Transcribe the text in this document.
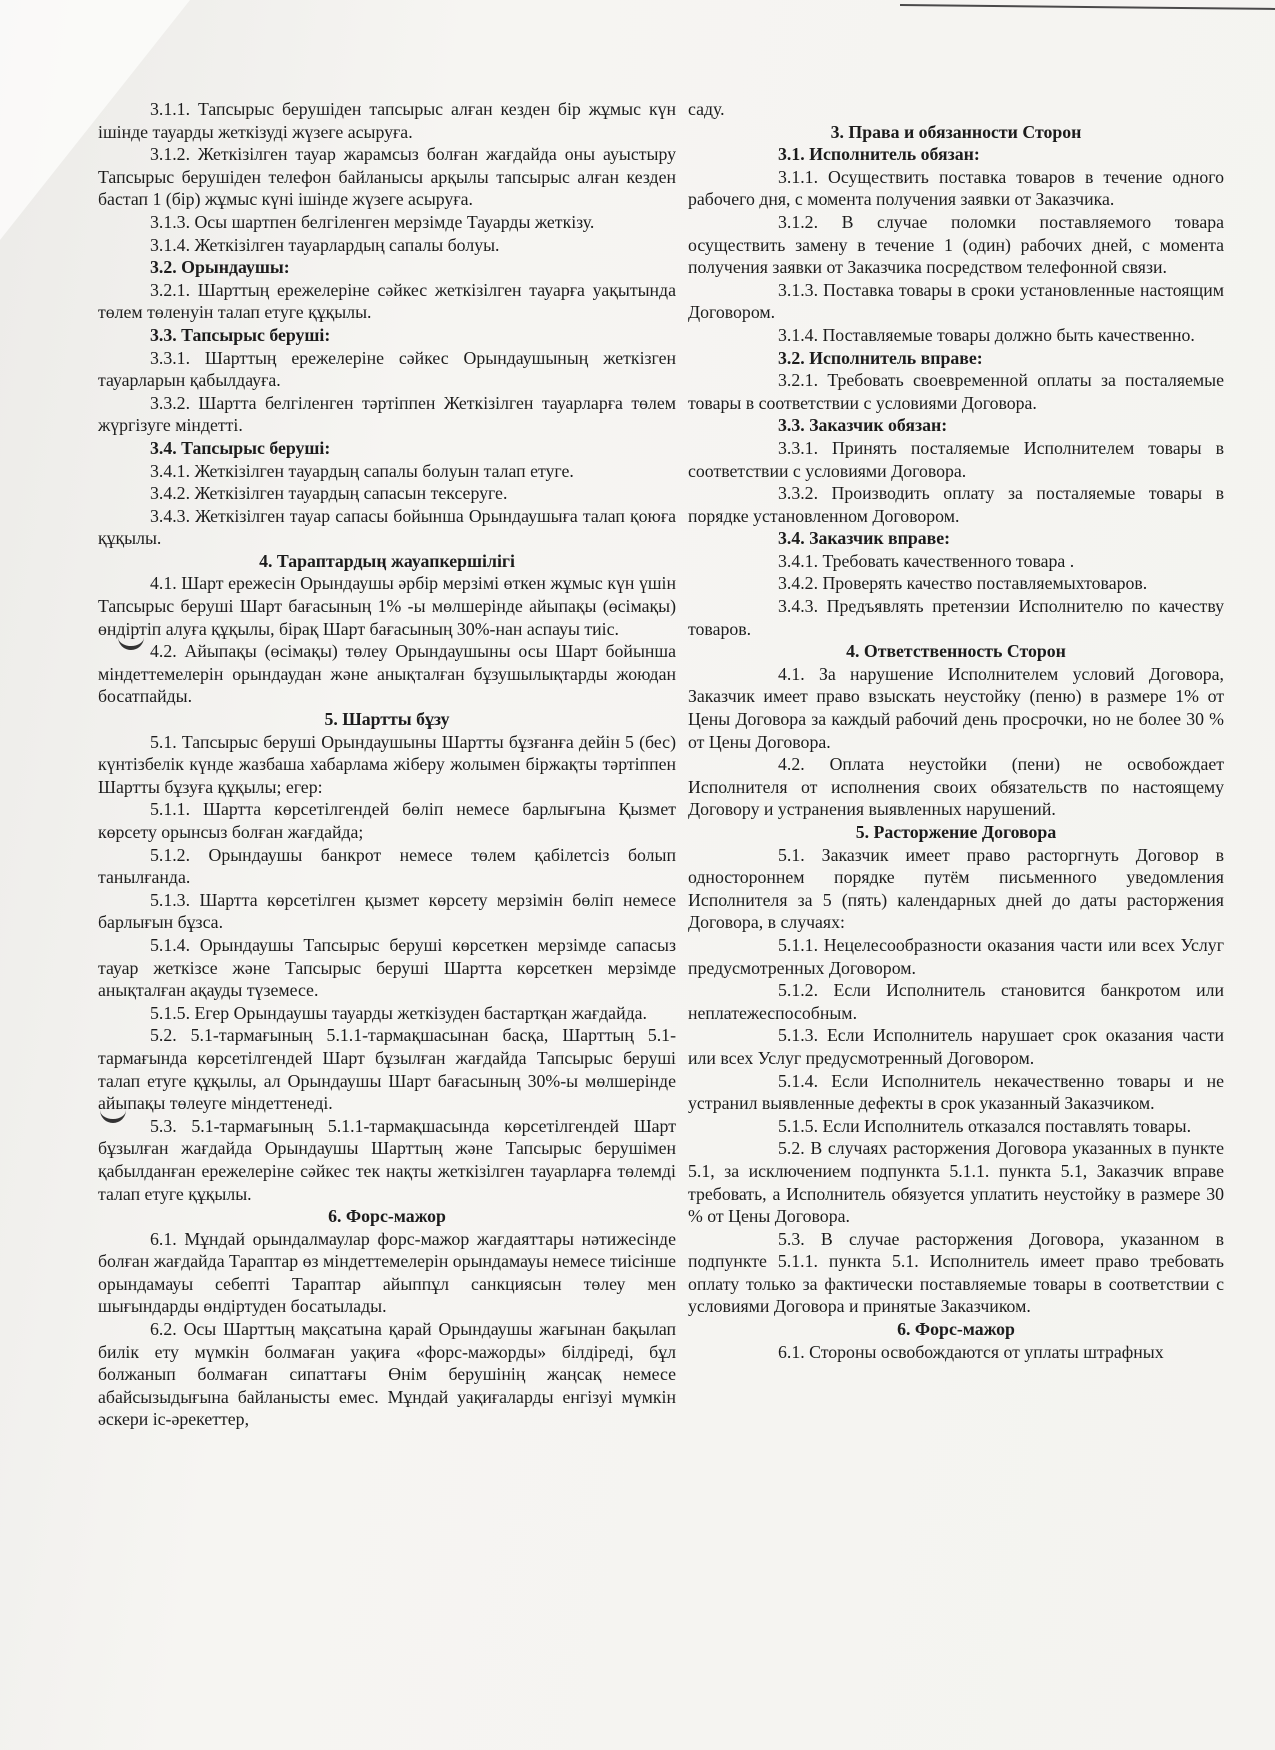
3.1.1. Тапсырыс берушіден тапсырыс алған кезден бір жұмыс күн ішінде тауарды жеткізуді жүзеге асыруға.

3.1.2. Жеткізілген тауар жарамсыз болған жағдайда оны ауыстыру Тапсырыс берушіден телефон байланысы арқылы тапсырыс алған кезден бастап 1 (бір) жұмыс күні ішінде жүзеге асыруға.

3.1.3. Осы шартпен белгіленген мерзімде Тауарды жеткізу.

3.1.4. Жеткізілген тауарлардың сапалы болуы.

3.2. Орындаушы:

3.2.1. Шарттың ережелеріне сәйкес жеткізілген тауарға уақытында төлем төленуін талап етуге құқылы.

3.3. Тапсырыс беруші:

3.3.1. Шарттың ережелеріне сәйкес Орындаушының жеткізген тауарларын қабылдауға.

3.3.2. Шартта белгіленген тәртіппен Жеткізілген тауарларға төлем жүргізуге міндетті.

3.4. Тапсырыс беруші:

3.4.1. Жеткізілген тауардың сапалы болуын талап етуге.

3.4.2. Жеткізілген тауардың сапасын тексеруге.

3.4.3. Жеткізілген тауар сапасы бойынша Орындаушыға талап қоюға құқылы.

4. Тараптардың жауапкершілігі

4.1. Шарт ережесін Орындаушы әрбір мерзімі өткен жұмыс күн үшін Тапсырыс беруші Шарт бағасының 1% -ы мөлшерінде айыпақы (өсімақы) өндіртіп алуға құқылы, бірақ Шарт бағасының 30%-нан аспауы тиіс.

4.2. Айыпақы (өсімақы) төлеу Орындаушыны осы Шарт бойынша міндеттемелерін орындаудан және анықталған бұзушылықтарды жоюдан босатпайды.

5. Шартты бұзу

5.1. Тапсырыс беруші Орындаушыны Шартты бұзғанға дейін 5 (бес) күнтізбелік күнде жазбаша хабарлама жіберу жолымен біржақты тәртіппен Шартты бұзуға құқылы; егер:

5.1.1. Шартта көрсетілгендей бөліп немесе барлығына Қызмет көрсету орынсыз болған жағдайда;

5.1.2. Орындаушы банкрот немесе төлем қабілетсіз болып танылғанда.

5.1.3. Шартта көрсетілген қызмет көрсету мерзімін бөліп немесе барлығын бұзса.

5.1.4. Орындаушы Тапсырыс беруші көрсеткен мерзімде сапасыз тауар жеткізсе және Тапсырыс беруші Шартта көрсеткен мерзімде анықталған ақауды түземесе.

5.1.5. Егер Орындаушы тауарды жеткізуден бастартқан жағдайда.

5.2. 5.1-тармағының 5.1.1-тармақшасынан басқа, Шарттың 5.1-тармағында көрсетілгендей Шарт бұзылған жағдайда Тапсырыс беруші талап етуге құқылы, ал Орындаушы Шарт бағасының 30%-ы мөлшерінде айыпақы төлеуге міндеттенеді.

5.3. 5.1-тармағының 5.1.1-тармақшасында көрсетілгендей Шарт бұзылған жағдайда Орындаушы Шарттың және Тапсырыс берушімен қабылданған ережелеріне сәйкес тек нақты жеткізілген тауарларға төлемді талап етуге құқылы.

6. Форс-мажор

6.1. Мұндай орындалмаулар форс-мажор жағдаяттары нәтижесінде болған жағдайда Тараптар өз міндеттемелерін орындамауы немесе тиісінше орындамауы себепті Тараптар айыппұл санкциясын төлеу мен шығындарды өндіртуден босатылады.

6.2. Осы Шарттың мақсатына қарай Орындаушы жағынан бақылап билік ету мүмкін болмаған уақиға «форс-мажорды» білдіреді, бұл болжанып болмаған сипаттағы Өнім берушінің жаңсақ немесе абайсызыдығына байланысты емес. Мұндай уақиғаларды енгізуі мүмкін әскери іс-әрекеттер,

саду.

3. Права и обязанности Сторон

3.1. Исполнитель обязан:

3.1.1. Осуществить поставка товаров в течение одного рабочего дня, с момента получения заявки от Заказчика.

3.1.2. В случае поломки поставляемого товара осуществить замену в течение 1 (один) рабочих дней, с момента получения заявки от Заказчика посредством телефонной связи.

3.1.3. Поставка товары в сроки установленные настоящим Договором.

3.1.4. Поставляемые товары должно быть качественно.

3.2. Исполнитель вправе:

3.2.1. Требовать своевременной оплаты за посталяемые товары в соответствии с условиями Договора.

3.3. Заказчик обязан:

3.3.1. Принять посталяемые Исполнителем товары в соответствии с условиями Договора.

3.3.2. Производить оплату за посталяемые товары в порядке установленном Договором.

3.4. Заказчик вправе:

3.4.1. Требовать качественного товара .

3.4.2. Проверять качество поставляемыхтоваров.

3.4.3. Предъявлять претензии Исполнителю по качеству товаров.

4. Ответственность Сторон

4.1. За нарушение Исполнителем условий Договора, Заказчик имеет право взыскать неустойку (пеню) в размере 1% от Цены Договора за каждый рабочий день просрочки, но не более 30 % от Цены Договора.

4.2. Оплата неустойки (пени) не освобождает Исполнителя от исполнения своих обязательств по настоящему Договору и устранения выявленных нарушений.

5. Расторжение Договора

5.1. Заказчик имеет право расторгнуть Договор в одностороннем порядке путём письменного уведомления Исполнителя за 5 (пять) календарных дней до даты расторжения Договора, в случаях:

5.1.1. Нецелесообразности оказания части или всех Услуг предусмотренных Договором.

5.1.2. Если Исполнитель становится банкротом или неплатежеспособным.

5.1.3. Если Исполнитель нарушает срок оказания части или всех Услуг предусмотренный Договором.

5.1.4. Если Исполнитель некачественно товары и не устранил выявленные дефекты в срок указанный Заказчиком.

5.1.5. Если Исполнитель отказался поставлять товары.

5.2. В случаях расторжения Договора указанных в пункте 5.1, за исключением подпункта 5.1.1. пункта 5.1, Заказчик вправе требовать, а Исполнитель обязуется уплатить неустойку в размере 30 % от Цены Договора.

5.3. В случае расторжения Договора, указанном в подпункте 5.1.1. пункта 5.1. Исполнитель имеет право требовать оплату только за фактически поставляемые товары в соответствии с условиями Договора и принятые Заказчиком.

6. Форс-мажор

6.1. Стороны освобождаются от уплаты штрафных
